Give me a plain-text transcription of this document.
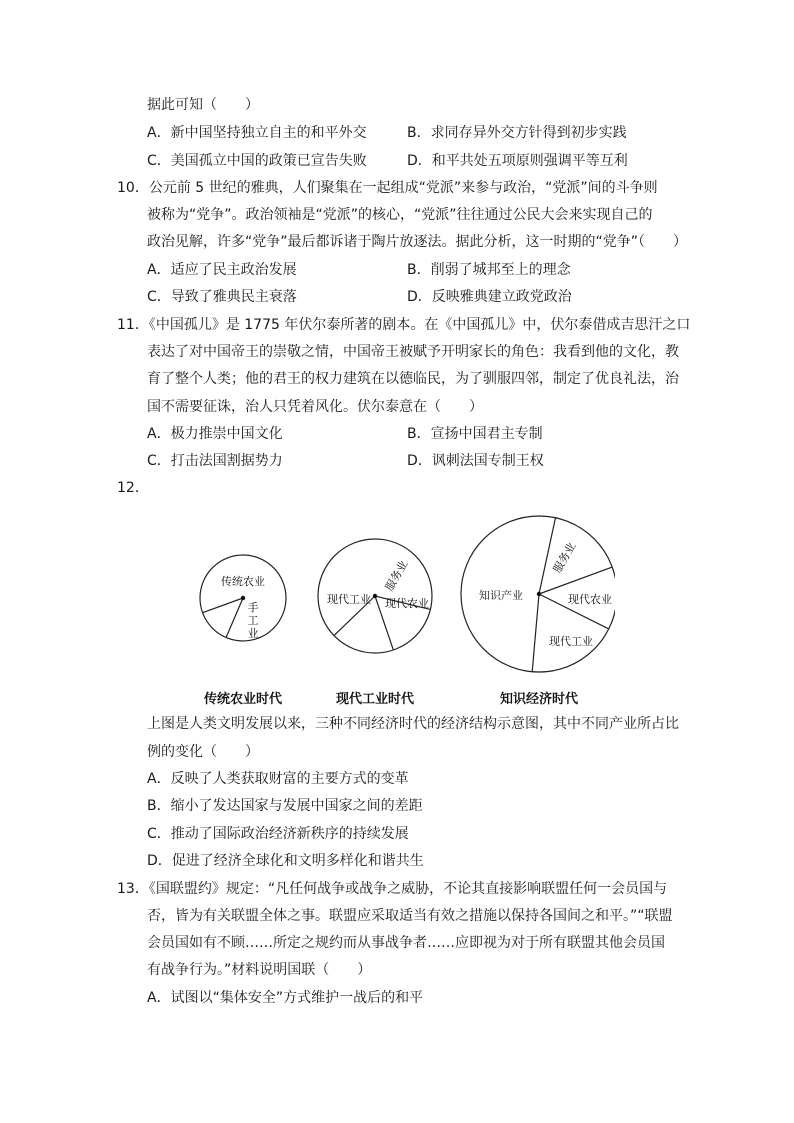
据此可知（　　）
A．新中国坚持独立自主的和平外交	B．求同存异外交方针得到初步实践
C．美国孤立中国的政策已宣告失败	D．和平共处五项原则强调平等互利
10．公元前 5 世纪的雅典，人们聚集在一起组成“党派”来参与政治，“党派”间的斗争则
被称为“党争”。政治领袖是“党派”的核心，“党派”往往通过公民大会来实现自己的
政治见解，许多“党争”最后都诉诸于陶片放逐法。据此分析，这一时期的“党争”（　　）
A．适应了民主政治发展	B．削弱了城邦至上的理念
C．导致了雅典民主衰落	D．反映雅典建立政党政治
11．《中国孤儿》是 1775 年伏尔泰所著的剧本。在《中国孤儿》中，伏尔泰借成吉思汗之口
表达了对中国帝王的崇敬之情，中国帝王被赋予开明家长的角色：我看到他的文化，教
育了整个人类；他的君王的权力建筑在以德临民，为了驯服四邻，制定了优良礼法，治
国不需要征诛，治人只凭着风化。伏尔泰意在（　　）
A．极力推崇中国文化	B．宣扬中国君主专制
C．打击法国割据势力	D．讽刺法国专制王权
12．
传统农业
手工业
传统农业时代
现代工业
服务业
现代农业
现代工业时代
知识产业
服务业
现代农业
现代工业
知识经济时代
上图是人类文明发展以来，三种不同经济时代的经济结构示意图，其中不同产业所占比
例的变化（　　）
A．反映了人类获取财富的主要方式的变革
B．缩小了发达国家与发展中国家之间的差距
C．推动了国际政治经济新秩序的持续发展
D．促进了经济全球化和文明多样化和谐共生
13．《国联盟约》规定：“凡任何战争或战争之威胁，不论其直接影响联盟任何一会员国与
否，皆为有关联盟全体之事。联盟应采取适当有效之措施以保持各国间之和平。”“联盟
会员国如有不顾……所定之规约而从事战争者……应即视为对于所有联盟其他会员国
有战争行为。”材料说明国联（　　）
A．试图以“集体安全”方式维护一战后的和平
